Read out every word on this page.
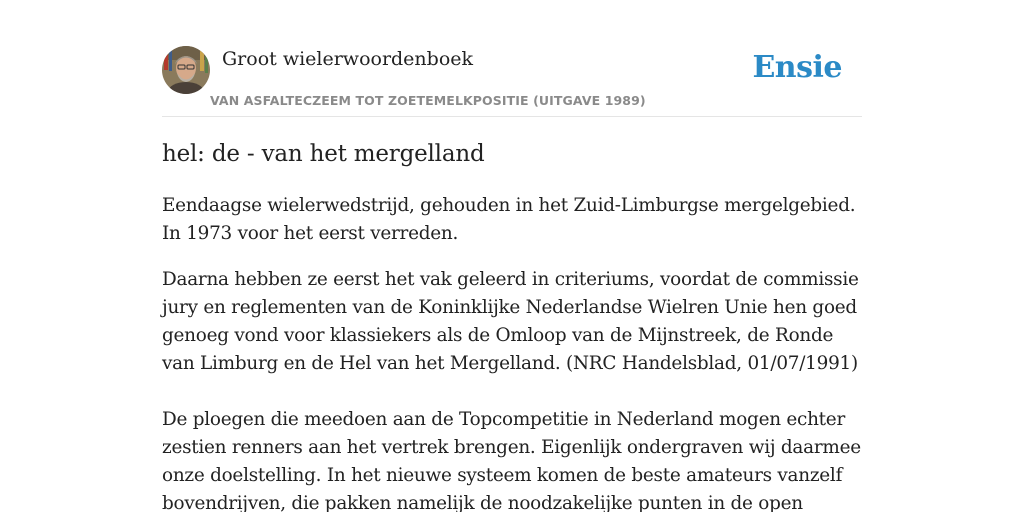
Groot wielerwoordenboek
VAN ASFALTECZEEM TOT ZOETEMELKPOSITIE (UITGAVE 1989)
Ensie
hel: de - van het mergelland

Eendaagse wielerwedstrijd, gehouden in het Zuid-Limburgse mergelgebied. In 1973 voor het eerst verreden.

Daarna hebben ze eerst het vak geleerd in criteriums, voordat de commissie jury en reglementen van de Koninklijke Nederlandse Wielren Unie hen goed genoeg vond voor klassiekers als de Omloop van de Mijnstreek, de Ronde van Limburg en de Hel van het Mergelland. (NRC Handelsblad, 01/07/1991)

De ploegen die meedoen aan de Topcompetitie in Nederland mogen echter zestien renners aan het vertrek brengen. Eigenlijk ondergraven wij daarmee onze doelstelling. In het nieuwe systeem komen de beste amateurs vanzelf bovendrijven, die pakken namelijk de noodzakelijke punten in de open
